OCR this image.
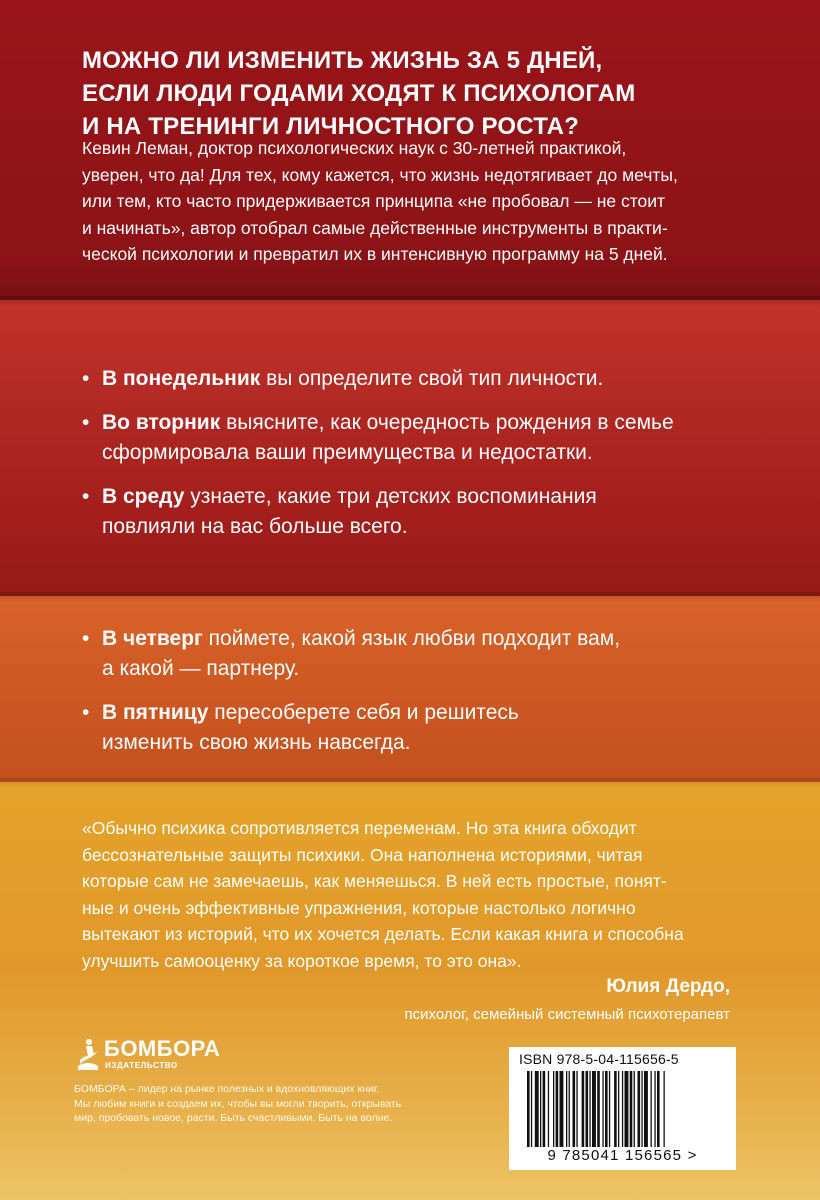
МОЖНО ЛИ ИЗМЕНИТЬ ЖИЗНЬ ЗА 5 ДНЕЙ,
ЕСЛИ ЛЮДИ ГОДАМИ ХОДЯТ К ПСИХОЛОГАМ
И НА ТРЕНИНГИ ЛИЧНОСТНОГО РОСТА?
Кевин Леман, доктор психологических наук с 30-летней практикой,
уверен, что да! Для тех, кому кажется, что жизнь недотягивает до мечты,
или тем, кто часто придерживается принципа «не пробовал — не стоит
и начинать», автор отобрал самые действенные инструменты в практи-
ческой психологии и превратил их в интенсивную программу на 5 дней.
• В понедельник вы определите свой тип личности.
• Во вторник выясните, как очередность рождения в семье
сформировала ваши преимущества и недостатки.
• В среду узнаете, какие три детских воспоминания
повлияли на вас больше всего.
• В четверг поймете, какой язык любви подходит вам,
а какой — партнеру.
• В пятницу пересоберете себя и решитесь
изменить свою жизнь навсегда.
«Обычно психика сопротивляется переменам. Но эта книга обходит
бессознательные защиты психики. Она наполнена историями, читая
которые сам не замечаешь, как меняешься. В ней есть простые, понят-
ные и очень эффективные упражнения, которые настолько логично
вытекают из историй, что их хочется делать. Если какая книга и способна
улучшить самооценку за короткое время, то это она».
Юлия Дердо,
психолог, семейный системный психотерапевт
БОМБОРА
ИЗДАТЕЛЬСТВО
БОМБОРА – лидер на рынке полезных и вдохновляющих книг.
Мы любим книги и создаем их, чтобы вы могли творить, открывать
мир, пробовать новое, расти. Быть счастливыми. Быть на волне.
ISBN 978-5-04-115656-5
9 785041 156565 >
